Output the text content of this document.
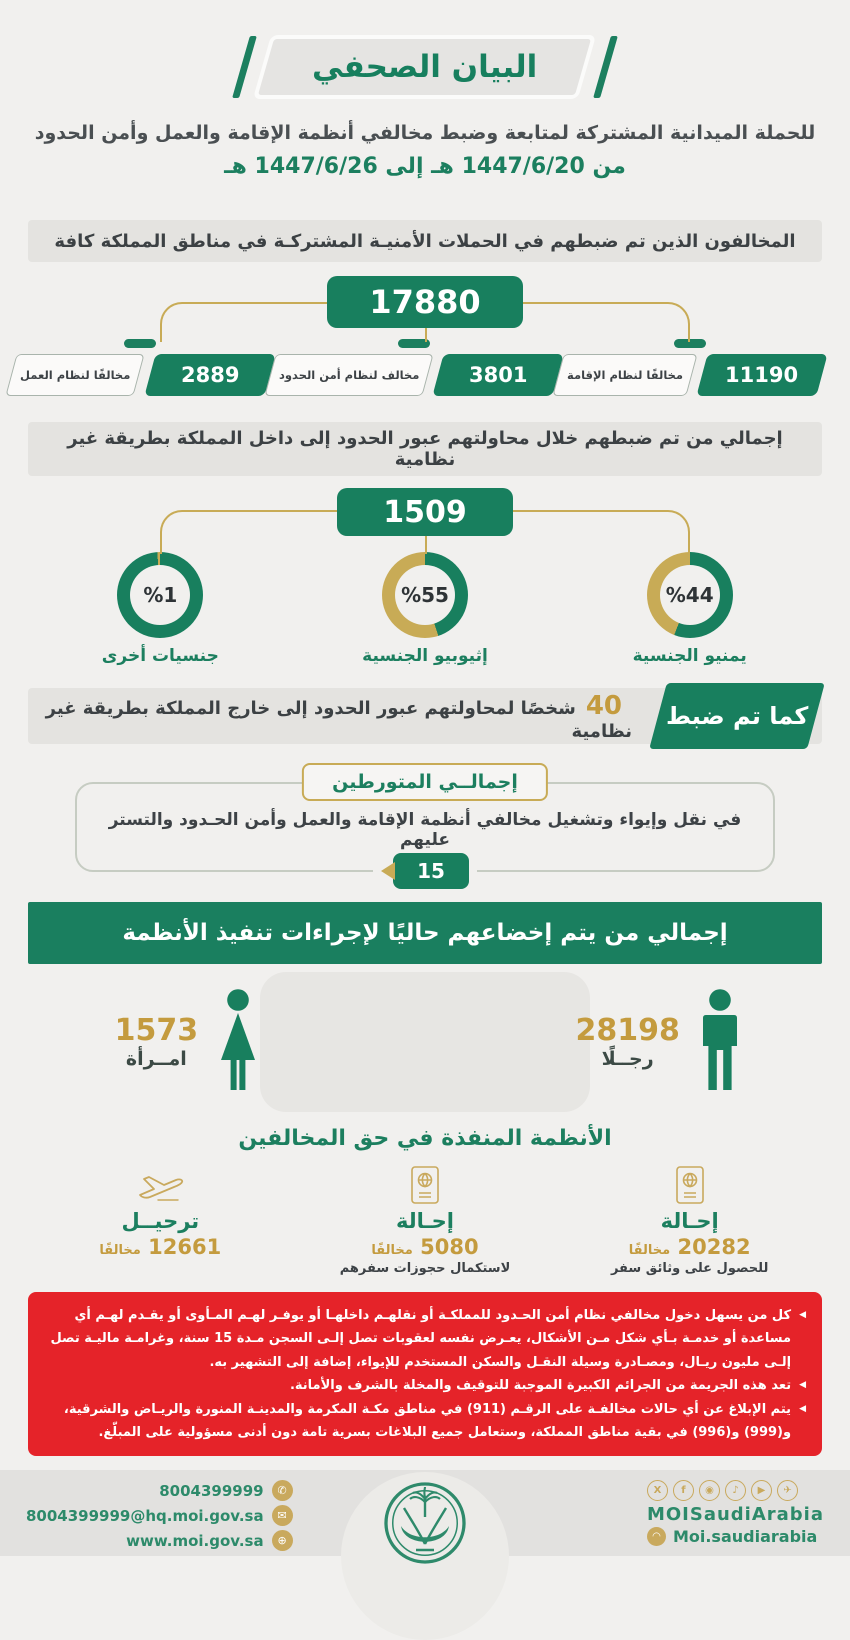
البيان الصحفي
للحملة الميدانية المشتركة لمتابعة وضبط مخالفي أنظمة الإقامة والعمل وأمن الحدود
من 1447/6/20 هـ إلى 1447/6/26 هـ
المخالفون الذين تم ضبطهم في الحملات الأمنيـة المشتركـة في مناطق المملكة كافة
17880
11190
مخالفًا لنظام الإقامة
3801
مخالف لنظام أمن الحدود
2889
مخالفًا لنظام العمل
إجمالي من تم ضبطهم خلال محاولتهم عبور الحدود إلى داخل المملكة بطريقة غير نظامية
1509
%44
يمنيو الجنسية
%55
إثيوبيو الجنسية
%1
جنسيات أخرى
كما تم ضبط
40شخصًا لمحاولتهم عبور الحدود إلى خارج المملكة بطريقة غير نظامية
إجمالــي المتورطين
في نقل وإيواء وتشغيل مخالفي أنظمة الإقامة والعمل وأمن الحـدود والتستر عليهم
15
إجمالي من يتم إخضاعهم حاليًا لإجراءات تنفيذ الأنظمة
28198
رجــلًا
1573
امــرأة
الأنظمة المنفذة في حق المخالفين
إحـالة
20282 مخالفًا
للحصول على وثائق سفر
إحـالة
5080 مخالفًا
لاستكمال حجوزات سفرهم
ترحيــل
12661 مخالفًا
◀
كل من يسهل دخول مخالفي نظام أمن الحـدود للمملكـة أو نقلهـم داخلهـا أو يوفـر لهـم المـأوى أو يقـدم لهـم أي مساعدة أو خدمـة بـأي شكل مـن الأشكال، يعـرض نفسه لعقوبات تصل إلـى السجن مـدة 15 سنة، وغرامـة ماليـة تصل إلـى مليون ريـال، ومصـادرة وسيلة النقـل والسكن المستخدم للإيواء، إضافة إلى التشهير به.
◀
تعد هذه الجريمة من الجرائم الكبيرة الموجبة للتوقيف والمخلة بالشرف والأمانة.
◀
يتم الإبلاغ عن أي حالات مخالفـة على الرقـم (911) في مناطق مكـة المكرمة والمدينـة المنورة والريـاض والشرقية، و(999) و(996) في بقية مناطق المملكة، وستعامل جميع البلاغات بسرية تامة دون أدنى مسؤولية على المبلّغ.
X	f	◉	♪	▶	✈
MOISaudiArabia
◠ Moi.saudiarabia
8004399999	✆
8004399999@hq.moi.gov.sa	✉
www.moi.gov.sa	⊕
